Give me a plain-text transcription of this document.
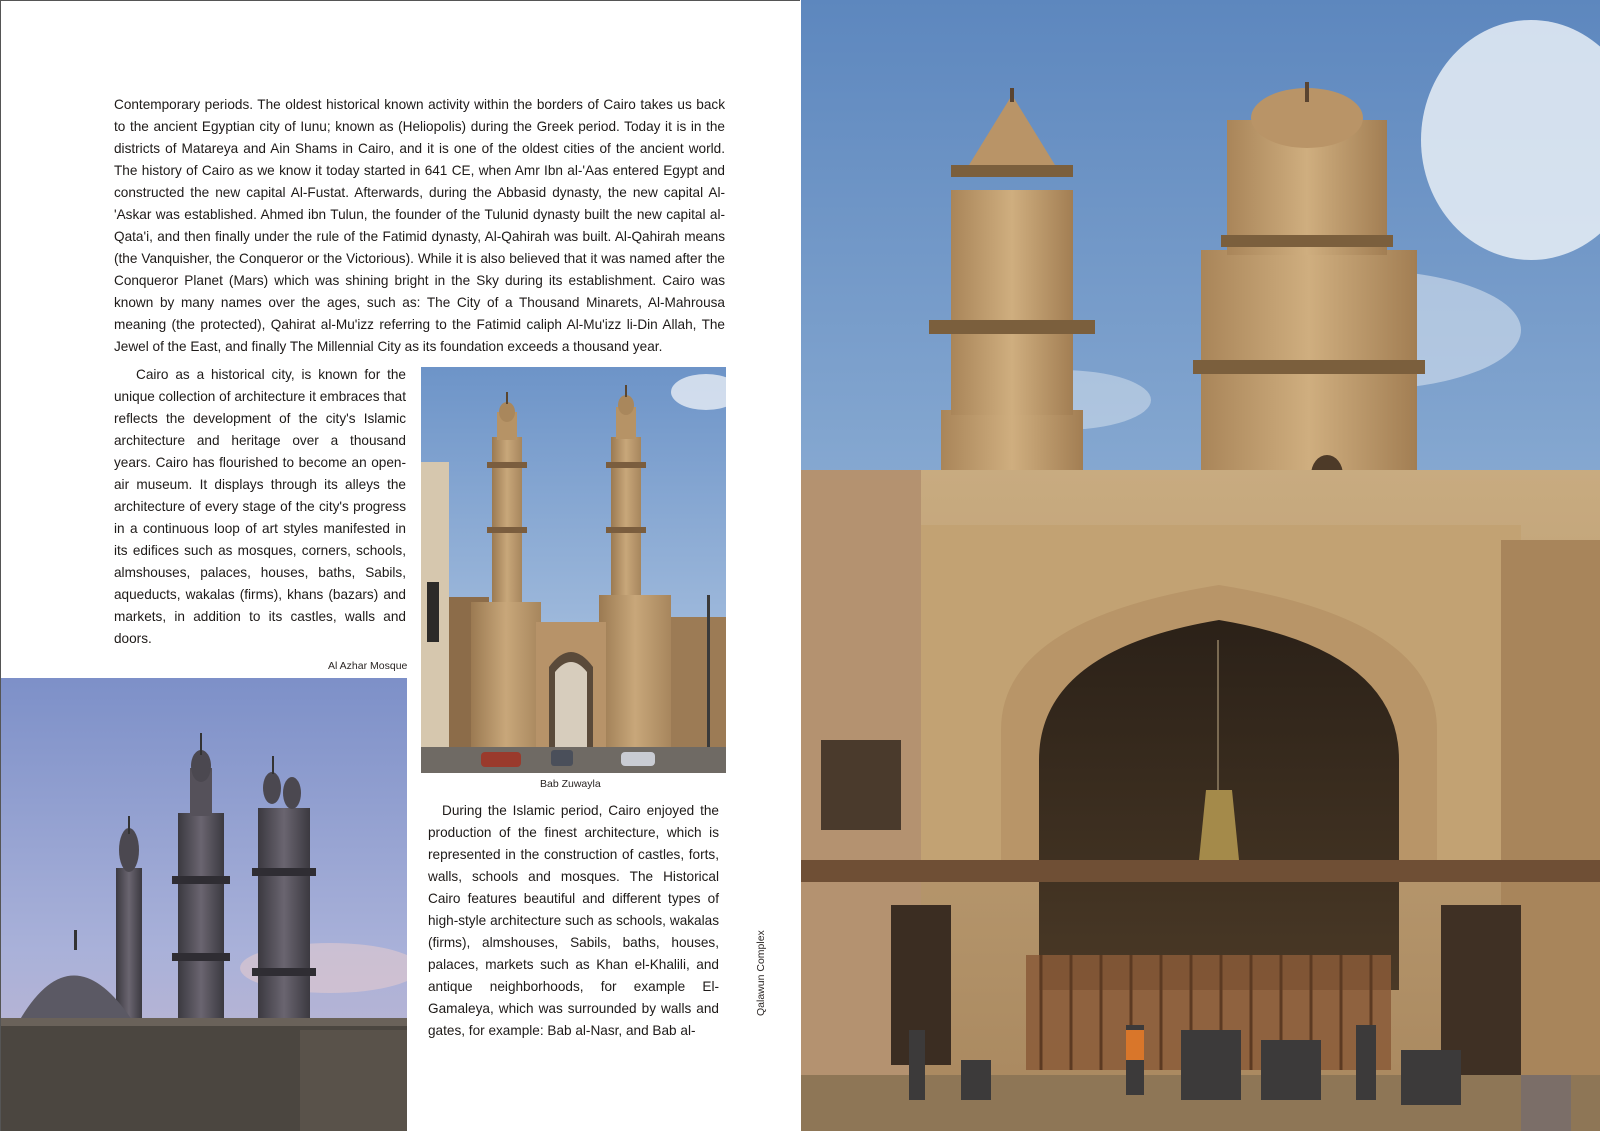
Contemporary periods. The oldest historical known activity within the borders of Cairo takes us back to the ancient Egyptian city of Iunu; known as (Heliopolis) during the Greek period. Today it is in the districts of Matareya and Ain Shams in Cairo, and it is one of the oldest cities of the ancient world. The history of Cairo as we know it today started in 641 CE, when Amr Ibn al-'Aas entered Egypt and constructed the new capital Al-Fustat. Afterwards, during the Abbasid dynasty, the new capital Al-'Askar was established. Ahmed ibn Tulun, the founder of the Tulunid dynasty built the new capital al-Qata'i, and then finally under the rule of the Fatimid dynasty, Al-Qahirah was built. Al-Qahirah means (the Vanquisher, the Conqueror or the Victorious). While it is also believed that it was named after the Conqueror Planet (Mars) which was shining bright in the Sky during its establishment. Cairo was known by many names over the ages, such as: The City of a Thousand Minarets, Al-Mahrousa meaning (the protected), Qahirat al-Mu'izz referring to the Fatimid caliph Al-Mu'izz li-Din Allah, The Jewel of the East, and finally The Millennial City as its foundation exceeds a thousand year.

Cairo as a historical city, is known for the unique collection of architecture it embraces that reflects the development of the city's Islamic architecture and heritage over a thousand years. Cairo has flourished to become an open-air museum. It displays through its alleys the architecture of every stage of the city's progress in a continuous loop of art styles manifested in its edifices such as mosques, corners, schools, almshouses, palaces, houses, baths, Sabils, aqueducts, wakalas (firms), khans (bazars) and markets, in addition to its castles, walls and doors.

Al Azhar Mosque
Bab Zuwayla

During the Islamic period, Cairo enjoyed the production of the finest architecture, which is represented in the construction of castles, forts, walls, schools and mosques. The Historical Cairo features beautiful and different types of high-style architecture such as schools, wakalas (firms), almshouses, Sabils, baths, houses, palaces, markets such as Khan el-Khalili, and antique neighborhoods, for example El-Gamaleya, which was surrounded by walls and gates, for example: Bab al-Nasr, and Bab al-

Qalawun Complex
